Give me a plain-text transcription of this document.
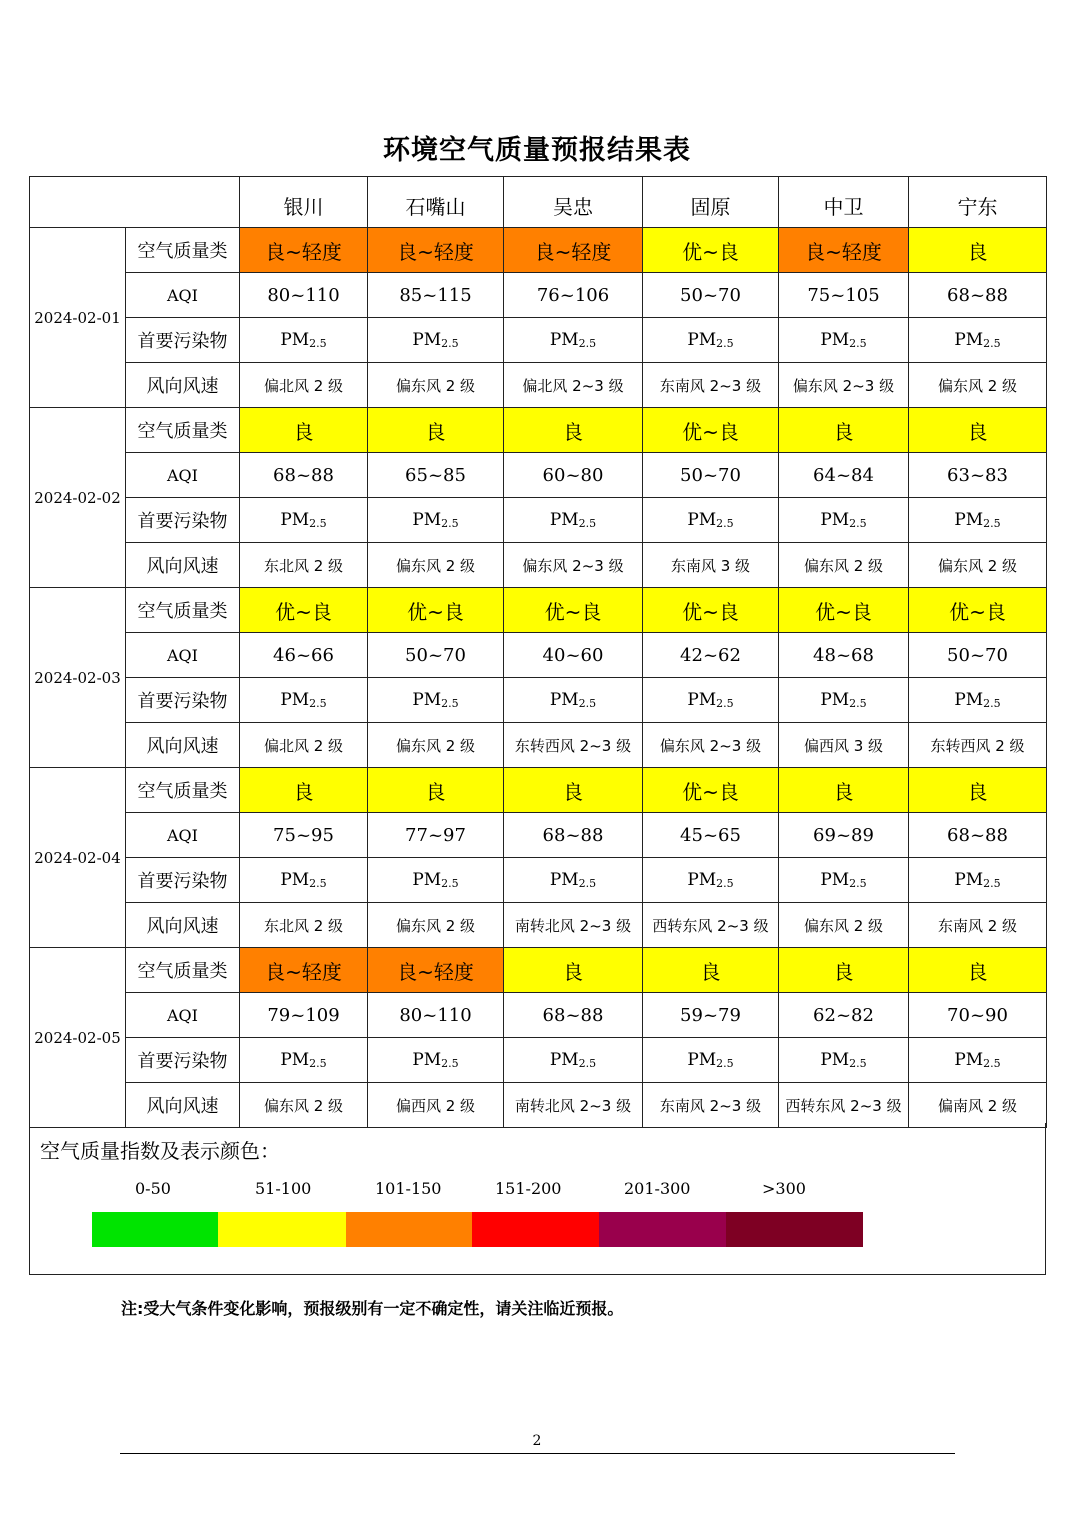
环境空气质量预报结果表
		银川	石嘴山	吴忠	固原	中卫	宁东
2024-02-01	空气质量类	良~轻度	良~轻度	良~轻度	优~良	良~轻度	良
	AQI	80~110	85~115	76~106	50~70	75~105	68~88
	首要污染物	$PM_{2.5}$	$PM_{2.5}$	$PM_{2.5}$	$PM_{2.5}$	$PM_{2.5}$	$PM_{2.5}$
	风向风速	偏北风 2 级	偏东风 2 级	偏北风 2~3 级	东南风 2~3 级	偏东风 2~3 级	偏东风 2 级
2024-02-02	空气质量类	良	良	良	优~良	良	良
	AQI	68~88	65~85	60~80	50~70	64~84	63~83
	首要污染物	$PM_{2.5}$	$PM_{2.5}$	$PM_{2.5}$	$PM_{2.5}$	$PM_{2.5}$	$PM_{2.5}$
	风向风速	东北风 2 级	偏东风 2 级	偏东风 2~3 级	东南风 3 级	偏东风 2 级	偏东风 2 级
2024-02-03	空气质量类	优~良	优~良	优~良	优~良	优~良	优~良
	AQI	46~66	50~70	40~60	42~62	48~68	50~70
	首要污染物	$PM_{2.5}$	$PM_{2.5}$	$PM_{2.5}$	$PM_{2.5}$	$PM_{2.5}$	$PM_{2.5}$
	风向风速	偏北风 2 级	偏东风 2 级	东转西风 2~3 级	偏东风 2~3 级	偏西风 3 级	东转西风 2 级
2024-02-04	空气质量类	良	良	良	优~良	良	良
	AQI	75~95	77~97	68~88	45~65	69~89	68~88
	首要污染物	$PM_{2.5}$	$PM_{2.5}$	$PM_{2.5}$	$PM_{2.5}$	$PM_{2.5}$	$PM_{2.5}$
	风向风速	东北风 2 级	偏东风 2 级	南转北风 2~3 级	西转东风 2~3 级	偏东风 2 级	东南风 2 级
2024-02-05	空气质量类	良~轻度	良~轻度	良	良	良	良
	AQI	79~109	80~110	68~88	59~79	62~82	70~90
	首要污染物	$PM_{2.5}$	$PM_{2.5}$	$PM_{2.5}$	$PM_{2.5}$	$PM_{2.5}$	$PM_{2.5}$
	风向风速	偏东风 2 级	偏西风 2 级	南转北风 2~3 级	东南风 2~3 级	西转东风 2~3 级	偏南风 2 级
空气质量指数及表示颜色：
0-50	51-100	101-150	151-200	201-300	>300
注:受大气条件变化影响，预报级别有一定不确定性，请关注临近预报。
2
